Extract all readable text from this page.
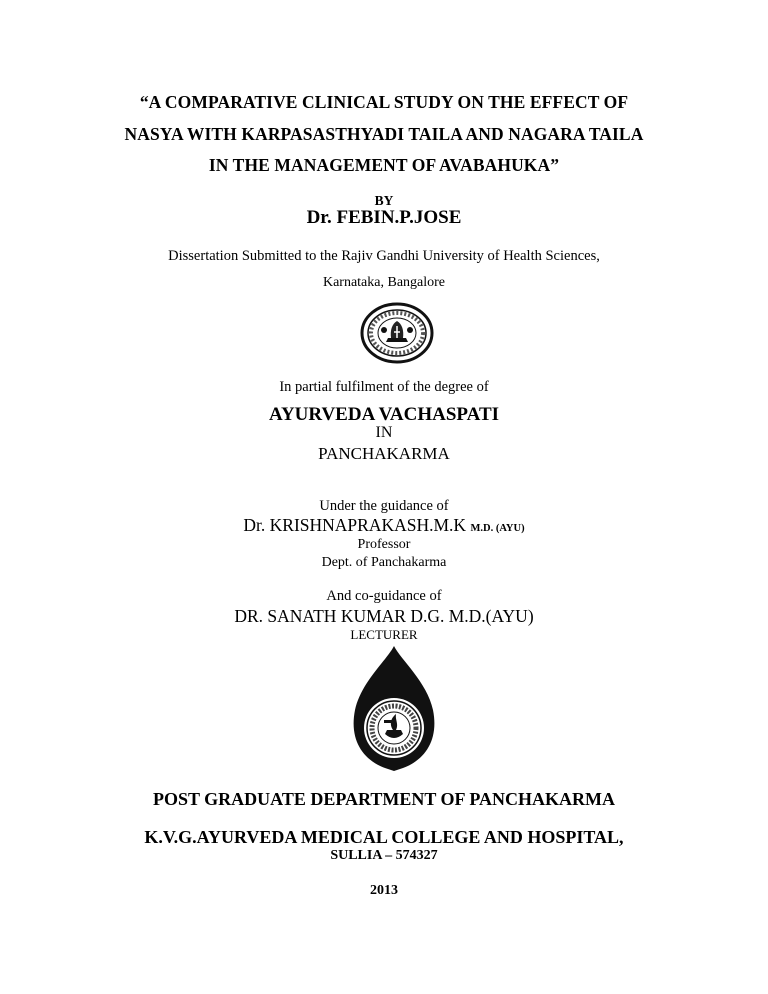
“A COMPARATIVE CLINICAL STUDY ON THE EFFECT OF
NASYA WITH KARPASASTHYADI TAILA AND NAGARA TAILA
IN THE MANAGEMENT OF AVABAHUKA”
BY
Dr. FEBIN.P.JOSE
Dissertation Submitted to the Rajiv Gandhi University of Health Sciences,
Karnataka, Bangalore
In partial fulfilment of the degree of
AYURVEDA VACHASPATI
IN
PANCHAKARMA
Under the guidance of
Dr. KRISHNAPRAKASH.M.K M.D. (AYU)
Professor
Dept. of Panchakarma
And co-guidance of
DR. SANATH KUMAR D.G. M.D.(AYU)
LECTURER
POST GRADUATE DEPARTMENT OF PANCHAKARMA
K.V.G.AYURVEDA MEDICAL COLLEGE AND HOSPITAL,
SULLIA – 574327
2013
